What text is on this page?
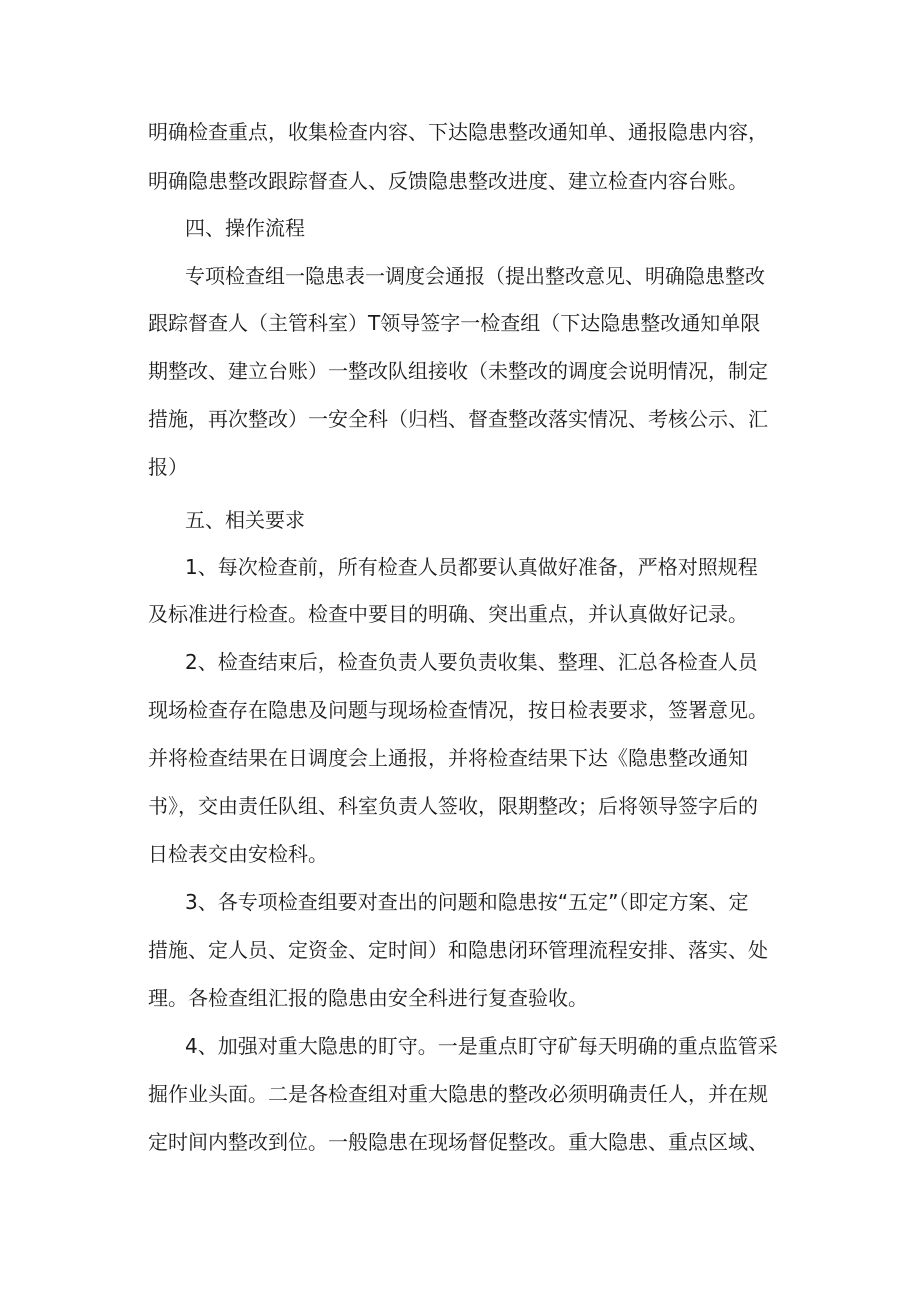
明确检查重点，收集检查内容、下达隐患整改通知单、通报隐患内容，
明确隐患整改跟踪督查人、反馈隐患整改进度、建立检查内容台账。
四、操作流程
专项检查组一隐患表一调度会通报（提出整改意见、明确隐患整改
跟踪督查人（主管科室）T领导签字一检查组（下达隐患整改通知单限
期整改、建立台账）一整改队组接收（未整改的调度会说明情况，制定
措施，再次整改）一安全科（归档、督查整改落实情况、考核公示、汇
报）
五、相关要求
1、每次检查前，所有检查人员都要认真做好准备，严格对照规程
及标准进行检查。检查中要目的明确、突出重点，并认真做好记录。
2、检查结束后，检查负责人要负责收集、整理、汇总各检查人员
现场检查存在隐患及问题与现场检查情况，按日检表要求，签署意见。
并将检查结果在日调度会上通报，并将检查结果下达《隐患整改通知
书》，交由责任队组、科室负责人签收，限期整改；后将领导签字后的
日检表交由安检科。
3、各专项检查组要对查出的问题和隐患按“五定”（即定方案、定
措施、定人员、定资金、定时间）和隐患闭环管理流程安排、落实、处
理。各检查组汇报的隐患由安全科进行复查验收。
4、加强对重大隐患的盯守。一是重点盯守矿每天明确的重点监管采
掘作业头面。二是各检查组对重大隐患的整改必须明确责任人，并在规
定时间内整改到位。一般隐患在现场督促整改。重大隐患、重点区域、
